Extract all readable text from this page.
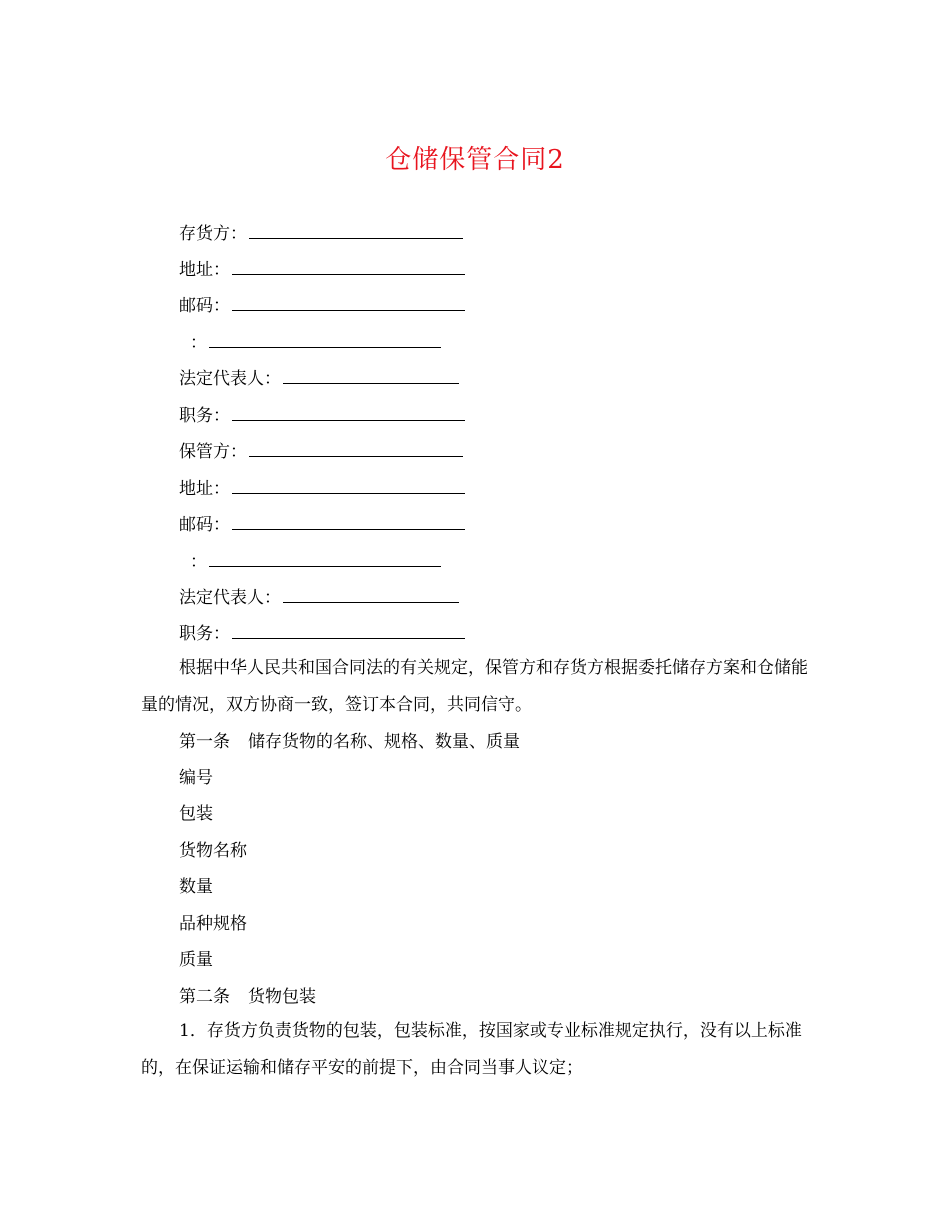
仓储保管合同2
存货方：
地址：
邮码：
：
法定代表人：
职务：
保管方：
地址：
邮码：
：
法定代表人：
职务：
根据中华人民共和国合同法的有关规定，保管方和存货方根据委托储存方案和仓储能量的情况，双方协商一致，签订本合同，共同信守。
第一条 储存货物的名称、规格、数量、质量
编号
包装
货物名称
数量
品种规格
质量
第二条 货物包装
1．存货方负责货物的包装，包装标准，按国家或专业标准规定执行，没有以上标准的，在保证运输和储存平安的前提下，由合同当事人议定；
